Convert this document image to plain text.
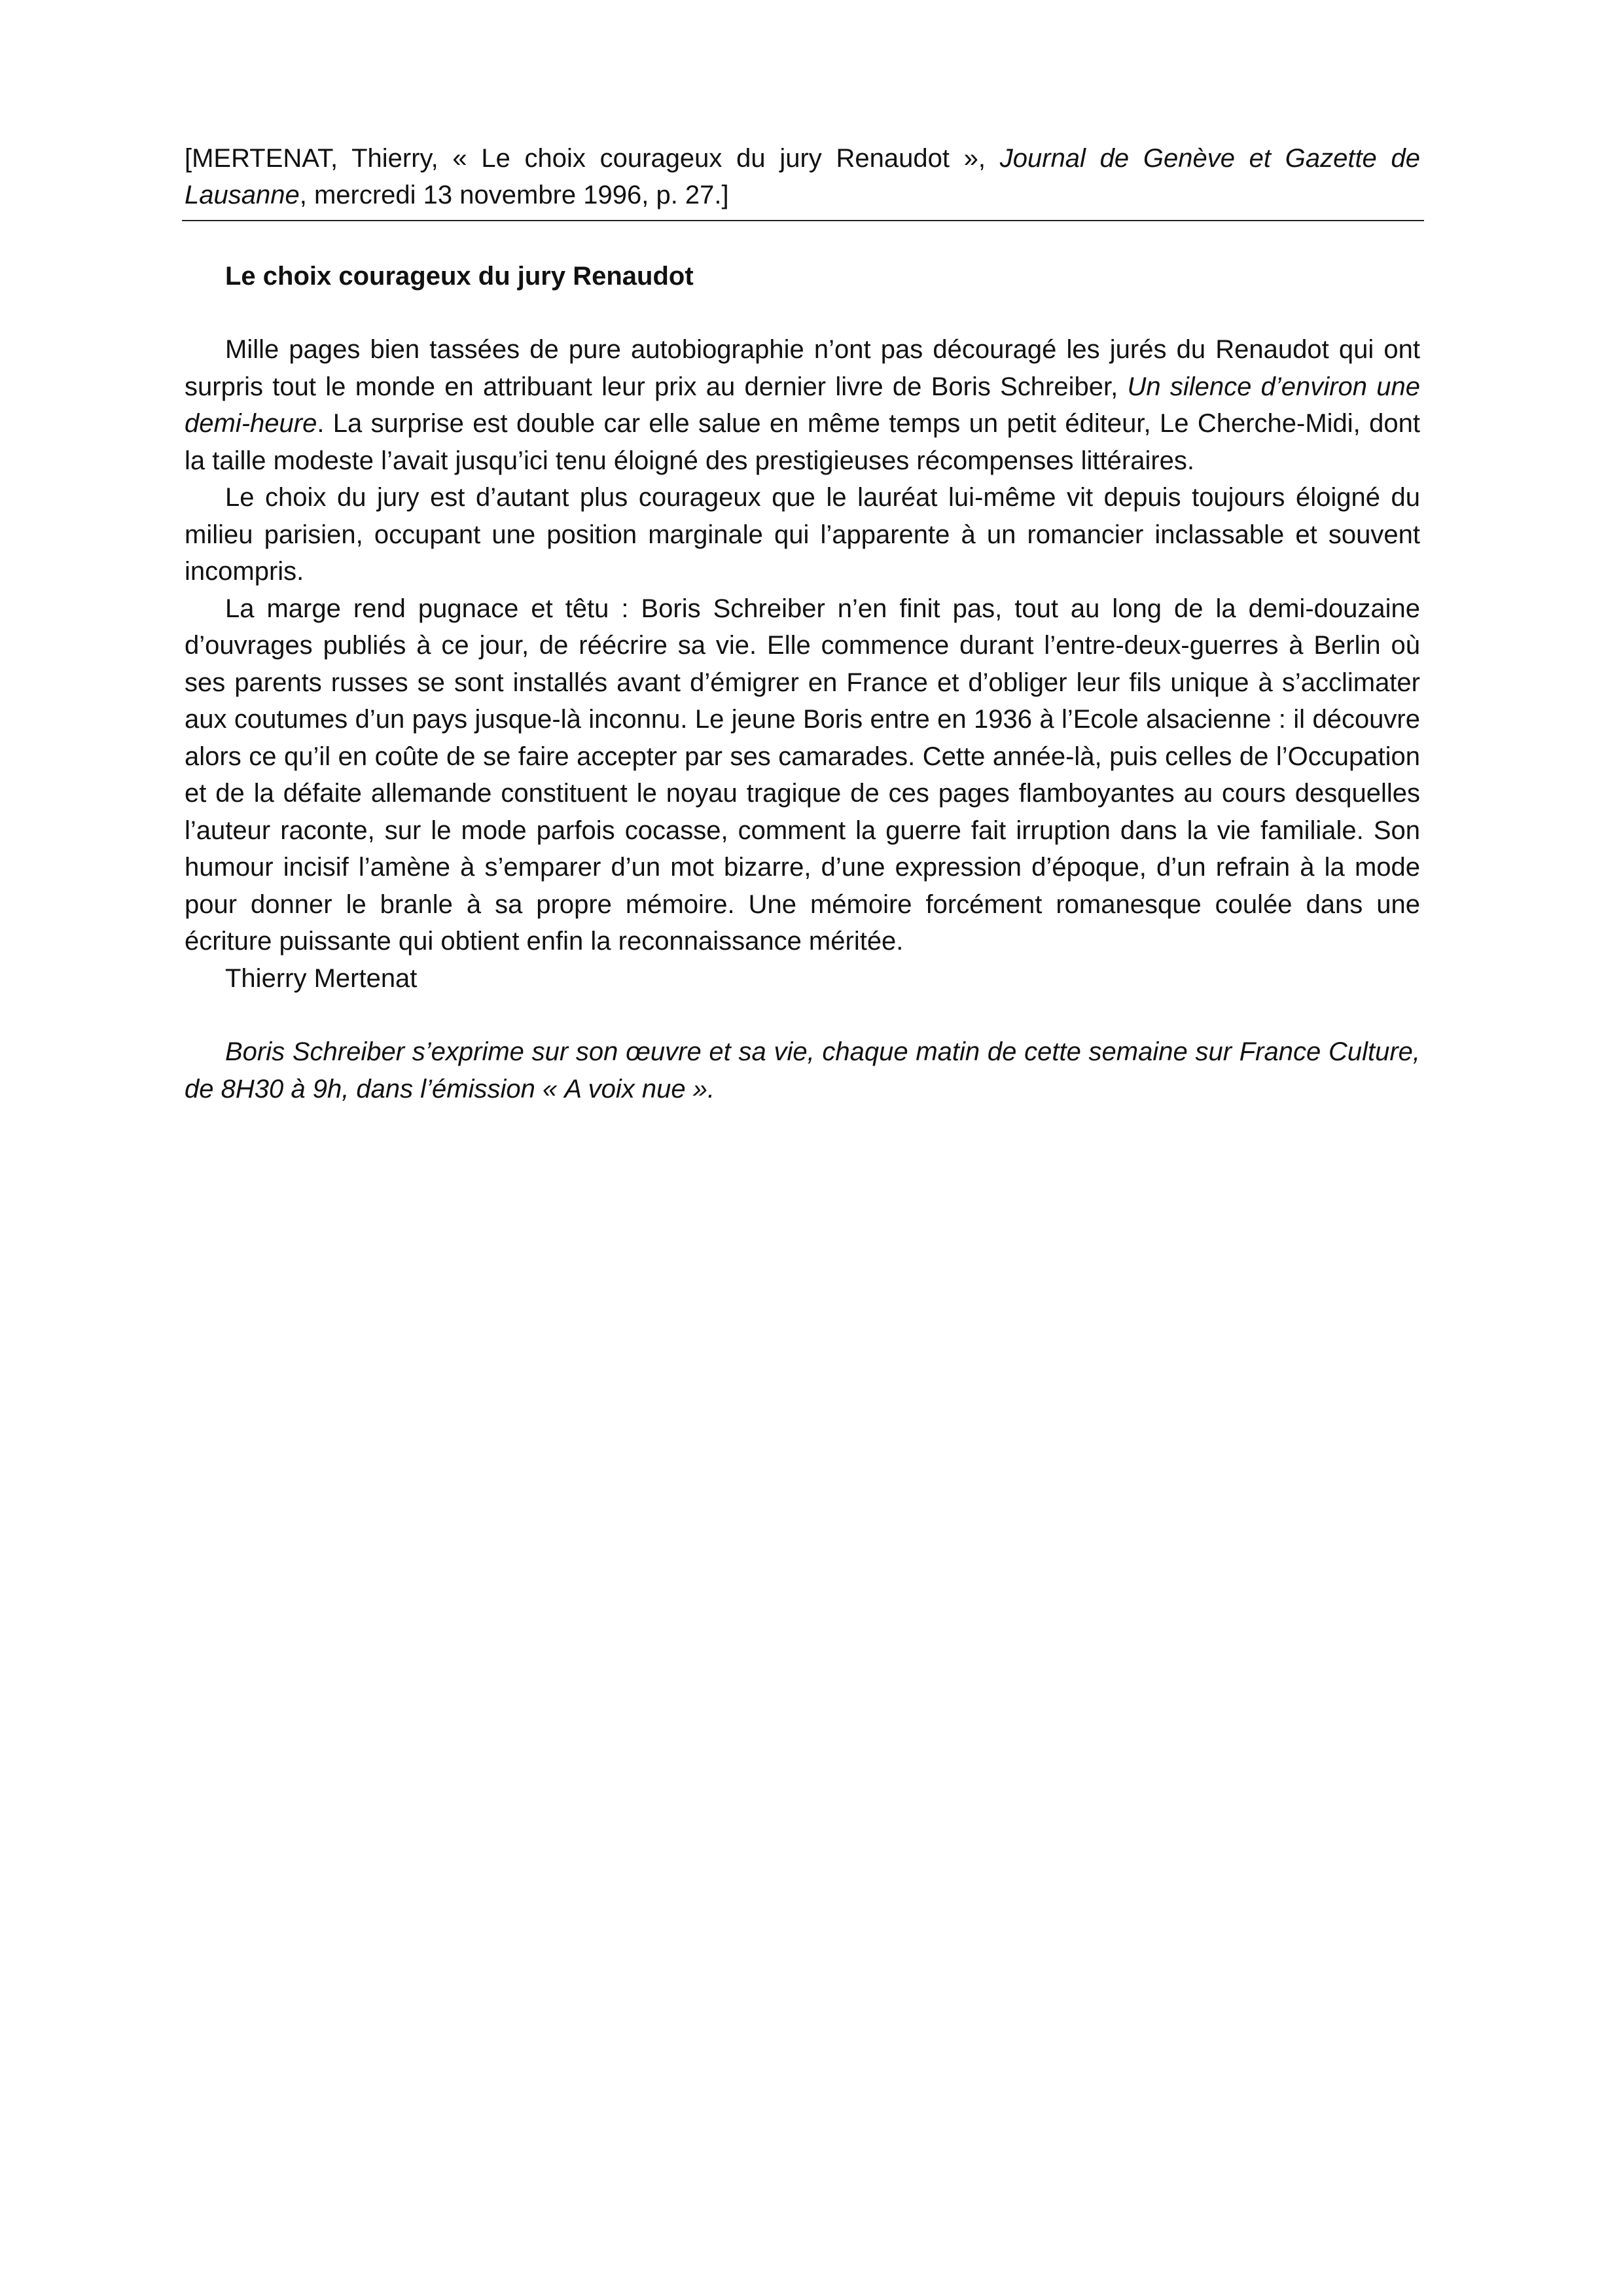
[MERTENAT, Thierry, « Le choix courageux du jury Renaudot », Journal de Genève et Gazette de Lausanne, mercredi 13 novembre 1996, p. 27.]
Le choix courageux du jury Renaudot

Mille pages bien tassées de pure autobiographie n’ont pas découragé les jurés du Renaudot qui ont surpris tout le monde en attribuant leur prix au dernier livre de Boris Schreiber, Un silence d’environ une demi-heure. La surprise est double car elle salue en même temps un petit éditeur, Le Cherche-Midi, dont la taille modeste l’avait jusqu’ici tenu éloigné des prestigieuses récompenses littéraires.

Le choix du jury est d’autant plus courageux que le lauréat lui-même vit depuis toujours éloigné du milieu parisien, occupant une position marginale qui l’apparente à un romancier inclassable et souvent incompris.

La marge rend pugnace et têtu : Boris Schreiber n’en finit pas, tout au long de la demi-douzaine d’ouvrages publiés à ce jour, de réécrire sa vie. Elle commence durant l’entre-deux-guerres à Berlin où ses parents russes se sont installés avant d’émigrer en France et d’obliger leur fils unique à s’acclimater aux coutumes d’un pays jusque-là inconnu. Le jeune Boris entre en 1936 à l’Ecole alsacienne : il découvre alors ce qu’il en coûte de se faire accepter par ses camarades. Cette année-là, puis celles de l’Occupation et de la défaite allemande constituent le noyau tragique de ces pages flamboyantes au cours desquelles l’auteur raconte, sur le mode parfois cocasse, comment la guerre fait irruption dans la vie familiale. Son humour incisif l’amène à s’emparer d’un mot bizarre, d’une expression d’époque, d’un refrain à la mode pour donner le branle à sa propre mémoire. Une mémoire forcément romanesque coulée dans une écriture puissante qui obtient enfin la reconnaissance méritée.

Thierry Mertenat

Boris Schreiber s’exprime sur son œuvre et sa vie, chaque matin de cette semaine sur France Culture, de 8H30 à 9h, dans l’émission « A voix nue ».
